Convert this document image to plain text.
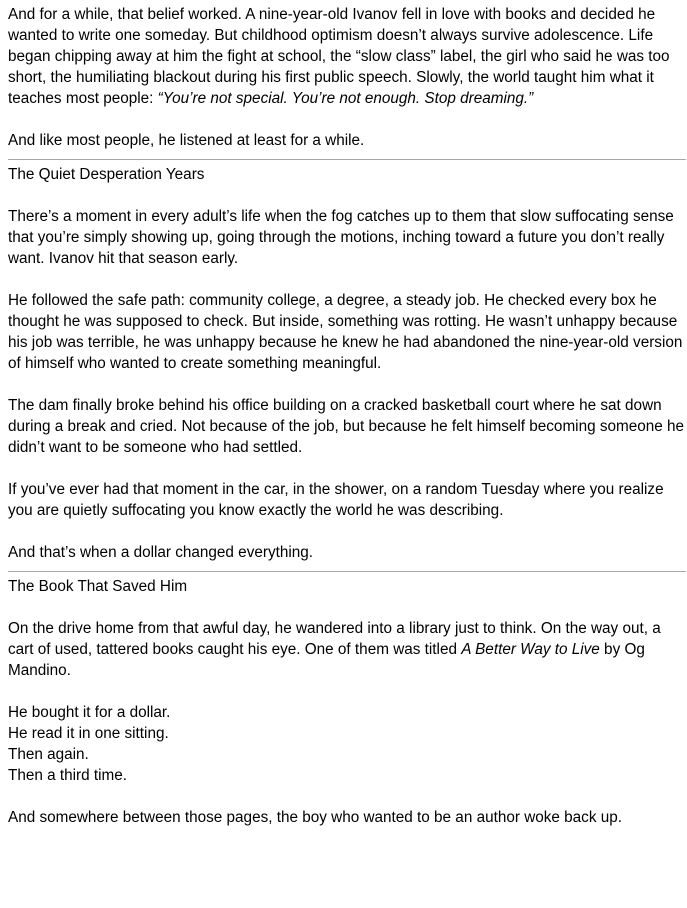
And for a while, that belief worked. A nine-year-old Ivanov fell in love with books and decided he wanted to write one someday. But childhood optimism doesn’t always survive adolescence. Life began chipping away at him the fight at school, the “slow class” label, the girl who said he was too short, the humiliating blackout during his first public speech. Slowly, the world taught him what it teaches most people: “You’re not special. You’re not enough. Stop dreaming.”

And like most people, he listened at least for a while.

The Quiet Desperation Years

There’s a moment in every adult’s life when the fog catches up to them that slow suffocating sense that you’re simply showing up, going through the motions, inching toward a future you don’t really want. Ivanov hit that season early.

He followed the safe path: community college, a degree, a steady job. He checked every box he thought he was supposed to check. But inside, something was rotting. He wasn’t unhappy because his job was terrible, he was unhappy because he knew he had abandoned the nine-year-old version of himself who wanted to create something meaningful.

The dam finally broke behind his office building on a cracked basketball court where he sat down during a break and cried. Not because of the job, but because he felt himself becoming someone he didn’t want to be someone who had settled.

If you’ve ever had that moment in the car, in the shower, on a random Tuesday where you realize you are quietly suffocating you know exactly the world he was describing.

And that’s when a dollar changed everything.

The Book That Saved Him

On the drive home from that awful day, he wandered into a library just to think. On the way out, a cart of used, tattered books caught his eye. One of them was titled A Better Way to Live by Og Mandino.

He bought it for a dollar.

He read it in one sitting.

Then again.

Then a third time.

And somewhere between those pages, the boy who wanted to be an author woke back up.
